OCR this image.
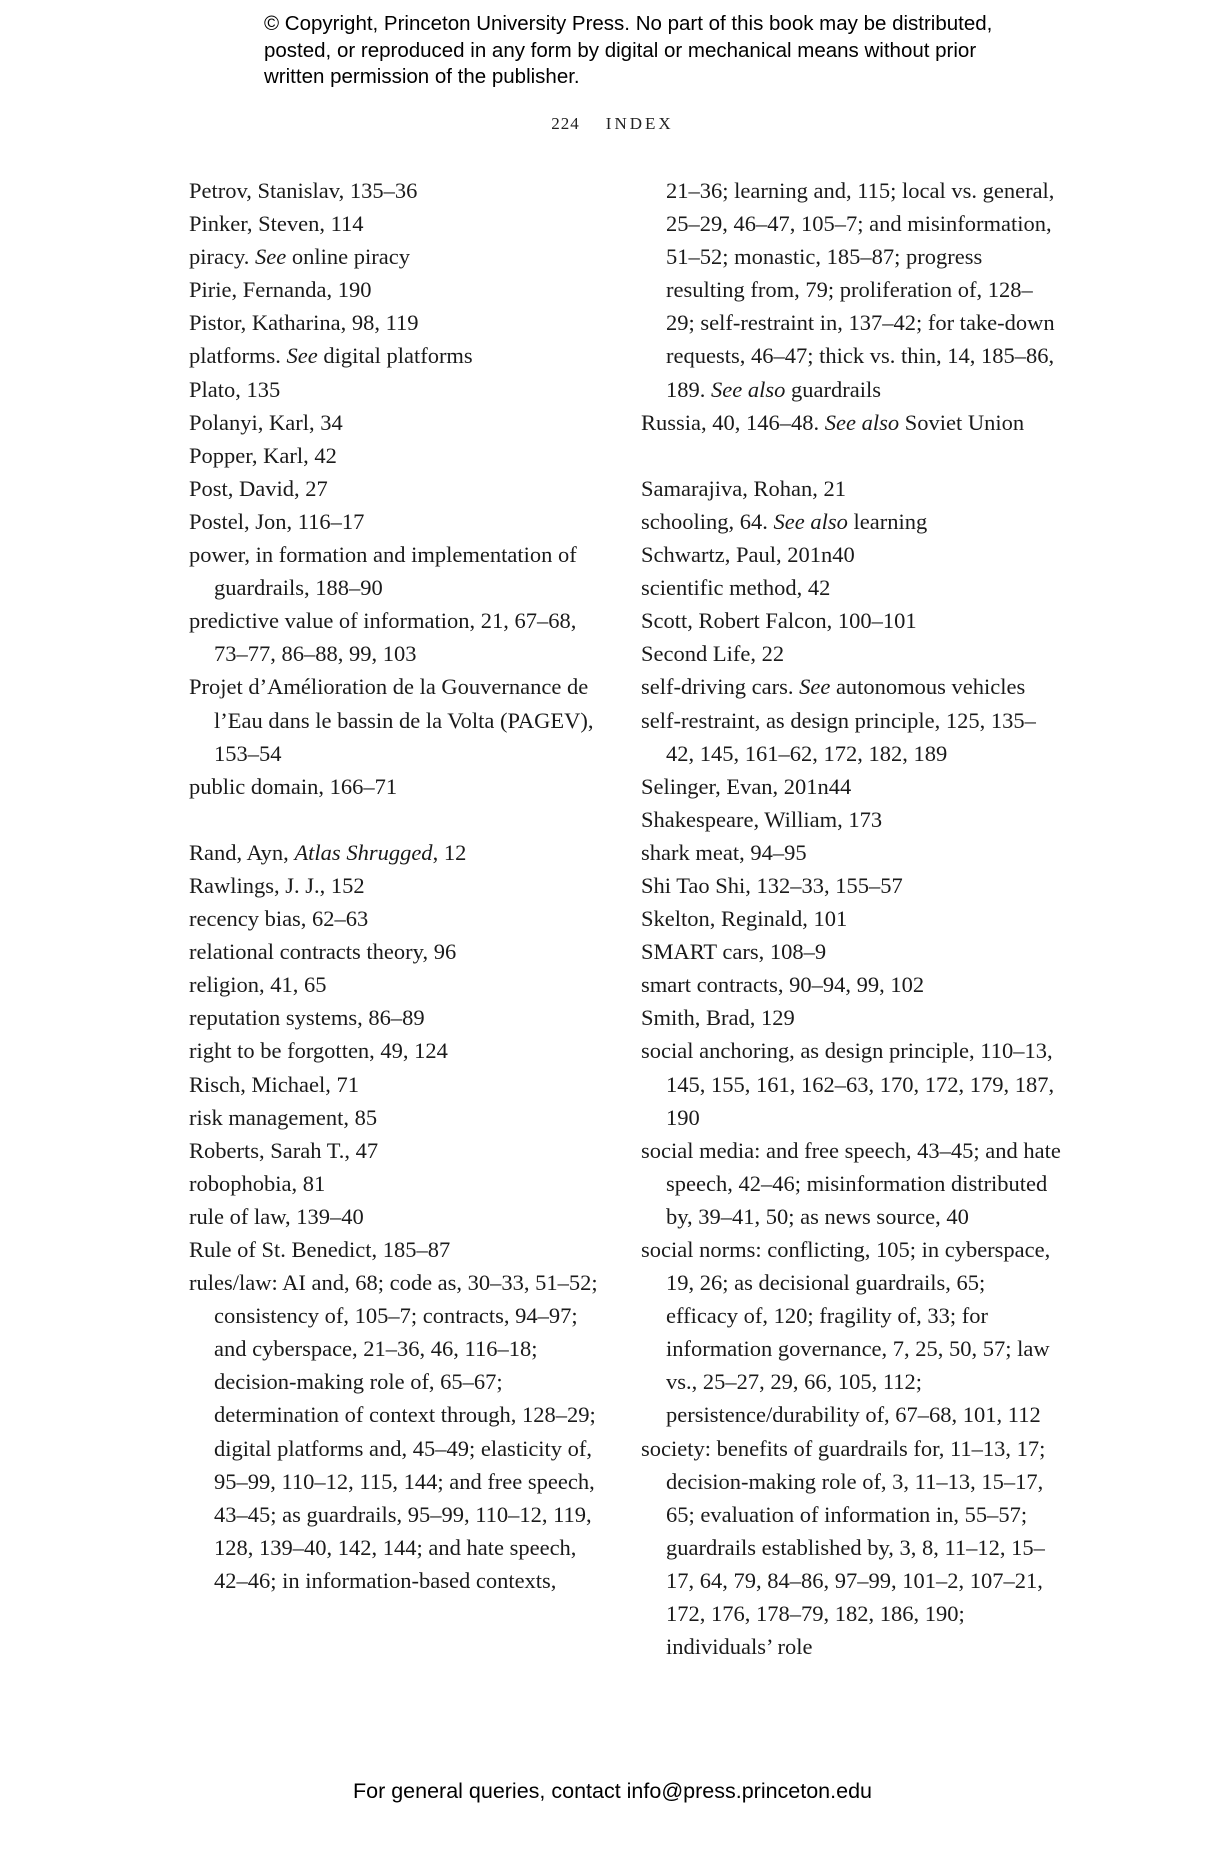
© Copyright, Princeton University Press. No part of this book may be distributed, posted, or reproduced in any form by digital or mechanical means without prior written permission of the publisher.
224 INDEX

Petrov, Stanislav, 135–36

Pinker, Steven, 114

piracy. See online piracy

Pirie, Fernanda, 190

Pistor, Katharina, 98, 119

platforms. See digital platforms

Plato, 135

Polanyi, Karl, 34

Popper, Karl, 42

Post, David, 27

Postel, Jon, 116–17

power, in formation and implementation of guardrails, 188–90

predictive value of information, 21, 67–68, 73–77, 86–88, 99, 103

Projet d’Amélioration de la Gouvernance de l’Eau dans le bassin de la Volta (PAGEV), 153–54

public domain, 166–71

Rand, Ayn, Atlas Shrugged, 12

Rawlings, J. J., 152

recency bias, 62–63

relational contracts theory, 96

religion, 41, 65

reputation systems, 86–89

right to be forgotten, 49, 124

Risch, Michael, 71

risk management, 85

Roberts, Sarah T., 47

robophobia, 81

rule of law, 139–40

Rule of St. Benedict, 185–87

rules/law: AI and, 68; code as, 30–33, 51–52; consistency of, 105–7; contracts, 94–97; and cyberspace, 21–36, 46, 116–18; decision-making role of, 65–67; determination of context through, 128–29; digital platforms and, 45–49; elasticity of, 95–99, 110–12, 115, 144; and free speech, 43–45; as guardrails, 95–99, 110–12, 119, 128, 139–40, 142, 144; and hate speech, 42–46; in information-based contexts,

21–36; learning and, 115; local vs. general, 25–29, 46–47, 105–7; and misinformation, 51–52; monastic, 185–87; progress resulting from, 79; proliferation of, 128–29; self-restraint in, 137–42; for take-down requests, 46–47; thick vs. thin, 14, 185–86, 189. See also guardrails

Russia, 40, 146–48. See also Soviet Union

Samarajiva, Rohan, 21

schooling, 64. See also learning

Schwartz, Paul, 201n40

scientific method, 42

Scott, Robert Falcon, 100–101

Second Life, 22

self-driving cars. See autonomous vehicles

self-restraint, as design principle, 125, 135–42, 145, 161–62, 172, 182, 189

Selinger, Evan, 201n44

Shakespeare, William, 173

shark meat, 94–95

Shi Tao Shi, 132–33, 155–57

Skelton, Reginald, 101

SMART cars, 108–9

smart contracts, 90–94, 99, 102

Smith, Brad, 129

social anchoring, as design principle, 110–13, 145, 155, 161, 162–63, 170, 172, 179, 187, 190

social media: and free speech, 43–45; and hate speech, 42–46; misinformation distributed by, 39–41, 50; as news source, 40

social norms: conflicting, 105; in cyberspace, 19, 26; as decisional guardrails, 65; efficacy of, 120; fragility of, 33; for information governance, 7, 25, 50, 57; law vs., 25–27, 29, 66, 105, 112; persistence/durability of, 67–68, 101, 112

society: benefits of guardrails for, 11–13, 17; decision-making role of, 3, 11–13, 15–17, 65; evaluation of information in, 55–57; guardrails established by, 3, 8, 11–12, 15–17, 64, 79, 84–86, 97–99, 101–2, 107–21, 172, 176, 178–79, 182, 186, 190; individuals’ role

For general queries, contact info@press.princeton.edu
